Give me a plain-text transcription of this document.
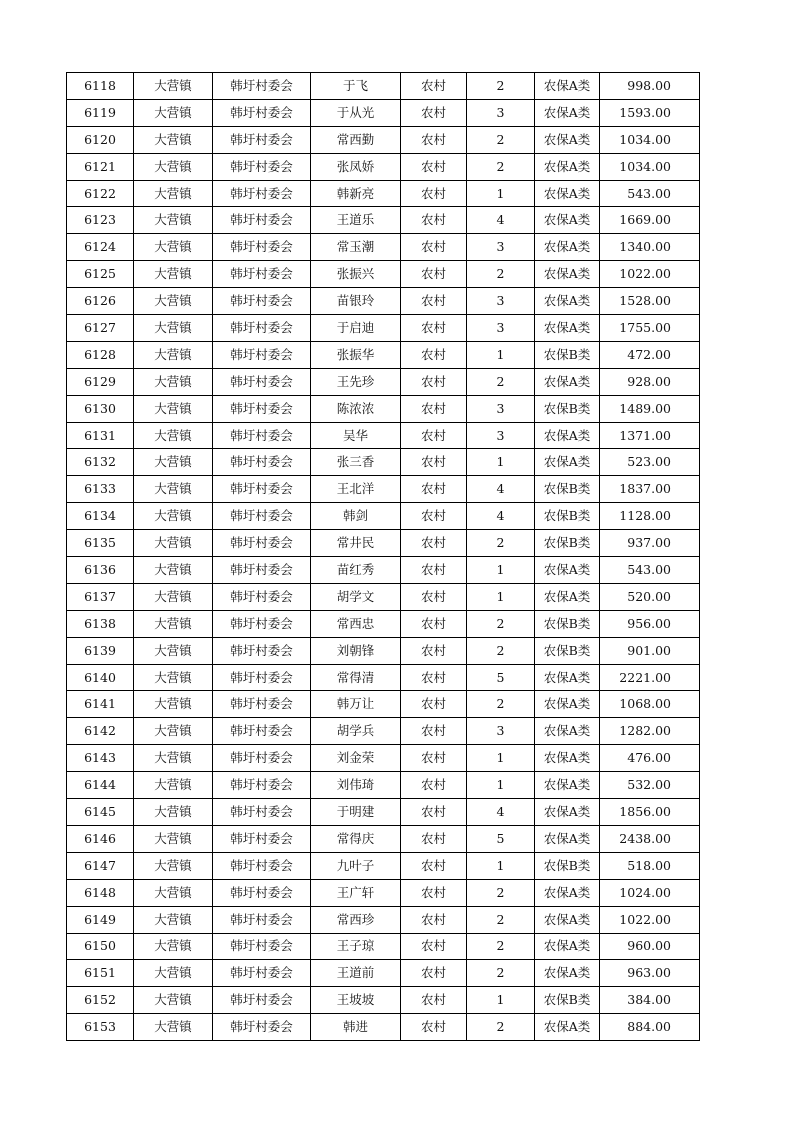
6118	大营镇	韩圩村委会	于飞	农村	2	农保A类	998.00
6119	大营镇	韩圩村委会	于从光	农村	3	农保A类	1593.00
6120	大营镇	韩圩村委会	常西勤	农村	2	农保A类	1034.00
6121	大营镇	韩圩村委会	张凤娇	农村	2	农保A类	1034.00
6122	大营镇	韩圩村委会	韩新亮	农村	1	农保A类	543.00
6123	大营镇	韩圩村委会	王道乐	农村	4	农保A类	1669.00
6124	大营镇	韩圩村委会	常玉潮	农村	3	农保A类	1340.00
6125	大营镇	韩圩村委会	张振兴	农村	2	农保A类	1022.00
6126	大营镇	韩圩村委会	苗银玲	农村	3	农保A类	1528.00
6127	大营镇	韩圩村委会	于启迪	农村	3	农保A类	1755.00
6128	大营镇	韩圩村委会	张振华	农村	1	农保B类	472.00
6129	大营镇	韩圩村委会	王先珍	农村	2	农保A类	928.00
6130	大营镇	韩圩村委会	陈浓浓	农村	3	农保B类	1489.00
6131	大营镇	韩圩村委会	吴华	农村	3	农保A类	1371.00
6132	大营镇	韩圩村委会	张三香	农村	1	农保A类	523.00
6133	大营镇	韩圩村委会	王北洋	农村	4	农保B类	1837.00
6134	大营镇	韩圩村委会	韩剑	农村	4	农保B类	1128.00
6135	大营镇	韩圩村委会	常井民	农村	2	农保B类	937.00
6136	大营镇	韩圩村委会	苗红秀	农村	1	农保A类	543.00
6137	大营镇	韩圩村委会	胡学文	农村	1	农保A类	520.00
6138	大营镇	韩圩村委会	常西忠	农村	2	农保B类	956.00
6139	大营镇	韩圩村委会	刘朝锋	农村	2	农保B类	901.00
6140	大营镇	韩圩村委会	常得清	农村	5	农保A类	2221.00
6141	大营镇	韩圩村委会	韩万让	农村	2	农保A类	1068.00
6142	大营镇	韩圩村委会	胡学兵	农村	3	农保A类	1282.00
6143	大营镇	韩圩村委会	刘金荣	农村	1	农保A类	476.00
6144	大营镇	韩圩村委会	刘伟琦	农村	1	农保A类	532.00
6145	大营镇	韩圩村委会	于明建	农村	4	农保A类	1856.00
6146	大营镇	韩圩村委会	常得庆	农村	5	农保A类	2438.00
6147	大营镇	韩圩村委会	九叶子	农村	1	农保B类	518.00
6148	大营镇	韩圩村委会	王广轩	农村	2	农保A类	1024.00
6149	大营镇	韩圩村委会	常西珍	农村	2	农保A类	1022.00
6150	大营镇	韩圩村委会	王子琼	农村	2	农保A类	960.00
6151	大营镇	韩圩村委会	王道前	农村	2	农保A类	963.00
6152	大营镇	韩圩村委会	王坡坡	农村	1	农保B类	384.00
6153	大营镇	韩圩村委会	韩进	农村	2	农保A类	884.00
